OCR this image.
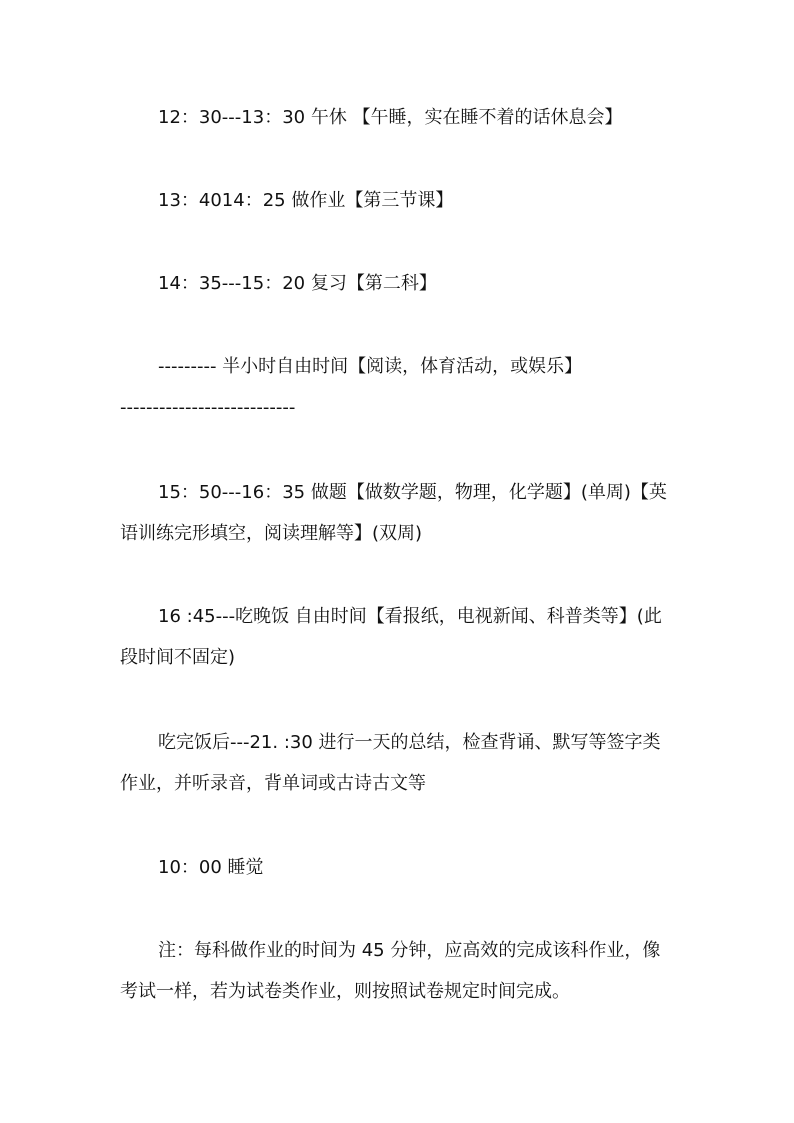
12：30---13：30 午休 【午睡，实在睡不着的话休息会】
13：4014：25 做作业【第三节课】
14：35---15：20 复习【第二科】
--------- 半小时自由时间【阅读，体育活动，或娱乐】
---------------------------
15：50---16：35 做题【做数学题，物理，化学题】(单周)【英
语训练完形填空，阅读理解等】(双周)
16 :45---吃晚饭 自由时间【看报纸，电视新闻、科普类等】(此
段时间不固定)
吃完饭后---21. :30 进行一天的总结，检查背诵、默写等签字类
作业，并听录音，背单词或古诗古文等
10：00 睡觉
注：每科做作业的时间为 45 分钟，应高效的完成该科作业，像
考试一样，若为试卷类作业，则按照试卷规定时间完成。
